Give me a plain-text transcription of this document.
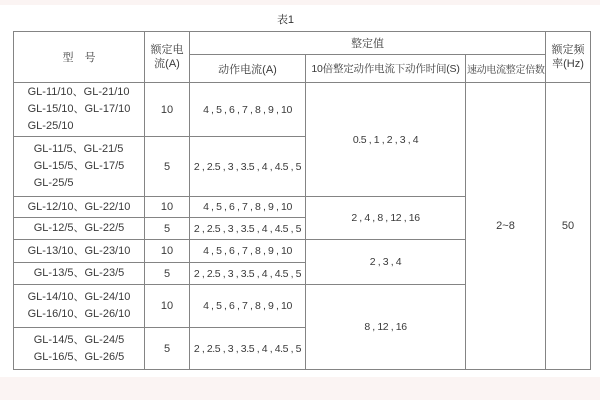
表1
型　号	额定电流(A)	整定值			额定频率(Hz)
		动作电流(A)	10倍整定动作电流下动作时间(S)	速动电流整定倍数	

GL-11/10、GL-21/10
GL-15/10、GL-17/10
GL-25/10	10	4 , 5 , 6 , 7 , 8 , 9 , 10	0.5 , 1 , 2 , 3 , 4	2~8	50

GL-11/5、GL-21/5
GL-15/5、GL-17/5
GL-25/5	5	2 , 2.5 , 3 , 3.5 , 4 , 4.5 , 5			

GL-12/10、GL-22/10	10	4 , 5 , 6 , 7 , 8 , 9 , 10	2 , 4 , 8 , 12 , 16		

GL-12/5、GL-22/5	5	2 , 2.5 , 3 , 3.5 , 4 , 4.5 , 5			

GL-13/10、GL-23/10	10	4 , 5 , 6 , 7 , 8 , 9 , 10	2 , 3 , 4		

GL-13/5、GL-23/5	5	2 , 2.5 , 3 , 3.5 , 4 , 4.5 , 5			

GL-14/10、GL-24/10
GL-16/10、GL-26/10	10	4 , 5 , 6 , 7 , 8 , 9 , 10	8 , 12 , 16		

GL-14/5、GL-24/5
GL-16/5、GL-26/5	5	2 , 2.5 , 3 , 3.5 , 4 , 4.5 , 5			
